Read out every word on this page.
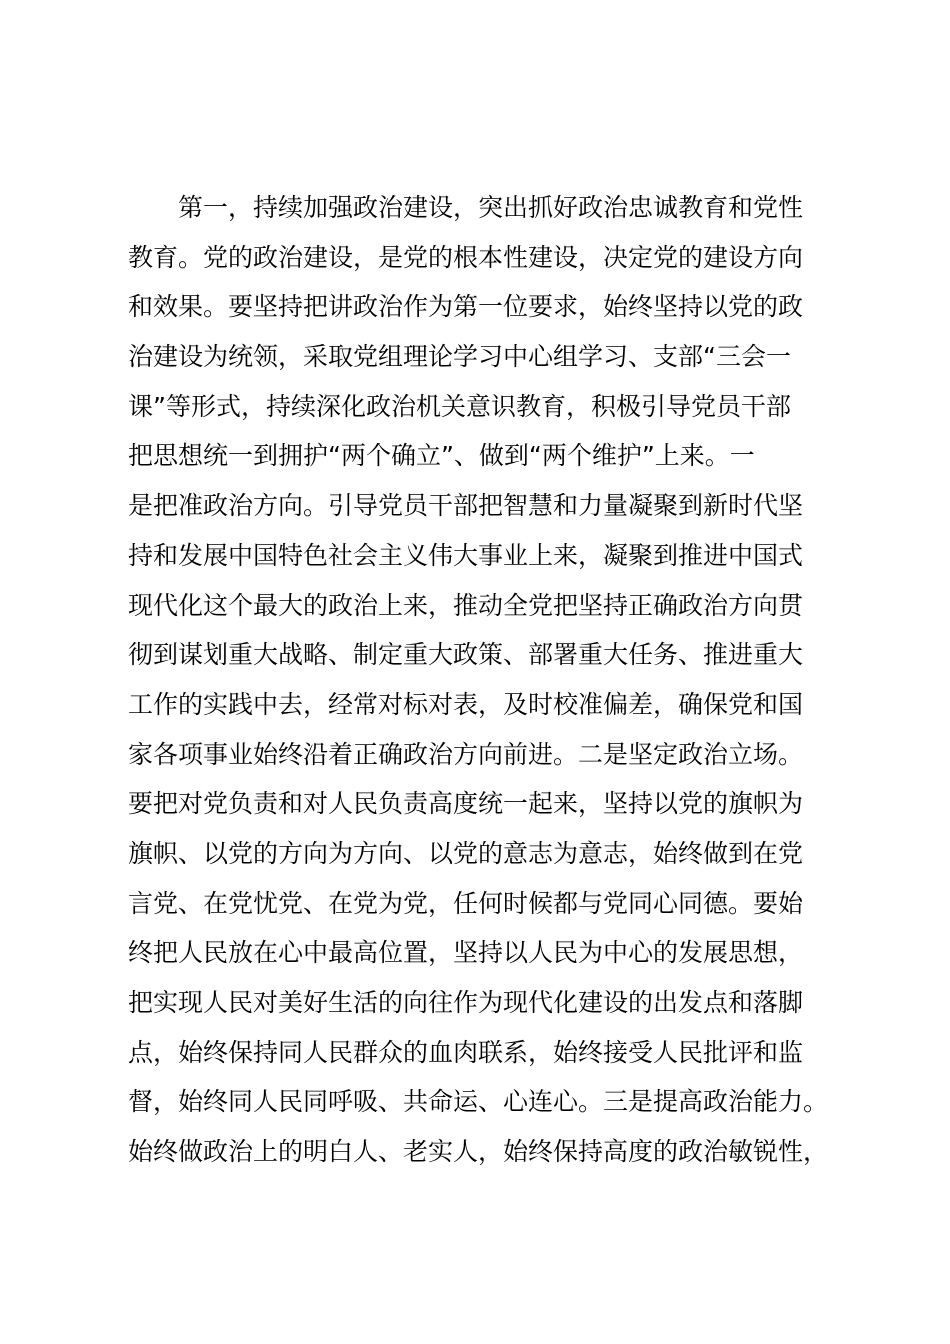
第一，持续加强政治建设，突出抓好政治忠诚教育和党性
教育。党的政治建设，是党的根本性建设，决定党的建设方向
和效果。要坚持把讲政治作为第一位要求，始终坚持以党的政
治建设为统领，采取党组理论学习中心组学习、支部“三会一
课”等形式，持续深化政治机关意识教育，积极引导党员干部
把思想统一到拥护“两个确立”、做到“两个维护”上来。一
是把准政治方向。引导党员干部把智慧和力量凝聚到新时代坚
持和发展中国特色社会主义伟大事业上来，凝聚到推进中国式
现代化这个最大的政治上来，推动全党把坚持正确政治方向贯
彻到谋划重大战略、制定重大政策、部署重大任务、推进重大
工作的实践中去，经常对标对表，及时校准偏差，确保党和国
家各项事业始终沿着正确政治方向前进。二是坚定政治立场。
要把对党负责和对人民负责高度统一起来，坚持以党的旗帜为
旗帜、以党的方向为方向、以党的意志为意志，始终做到在党
言党、在党忧党、在党为党，任何时候都与党同心同德。要始
终把人民放在心中最高位置，坚持以人民为中心的发展思想，
把实现人民对美好生活的向往作为现代化建设的出发点和落脚
点，始终保持同人民群众的血肉联系，始终接受人民批评和监
督，始终同人民同呼吸、共命运、心连心。三是提高政治能力。
始终做政治上的明白人、老实人，始终保持高度的政治敏锐性，
